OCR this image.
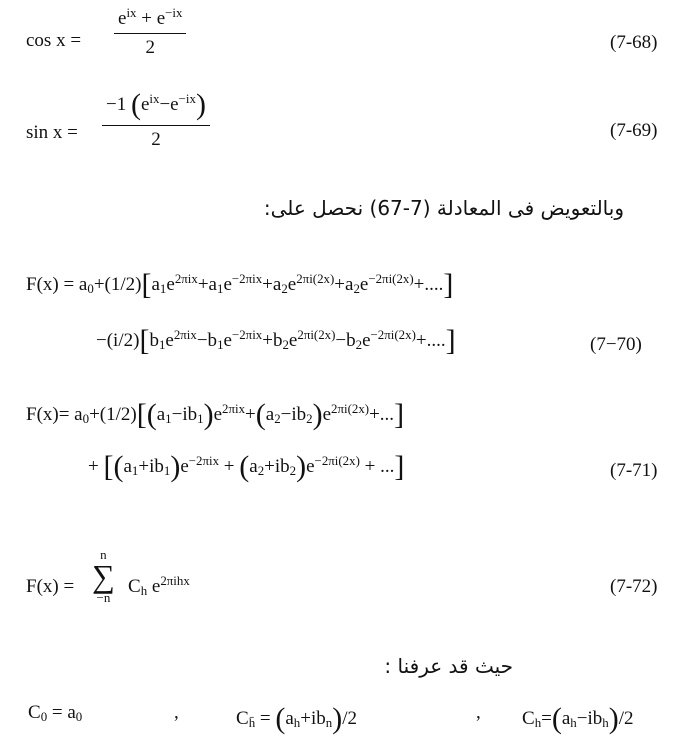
cos x =
$e^{ix} + e^{-ix}$
2	(7-68)
sin x =
−1 $(e^{ix}-e^{-ix})$
2	(7-69)
وبالتعويض فى المعادلة (7-67) نحصل على:
$F(x) = a_0+(1/2)[a_1e^{2\pi ix}+a_1e^{-2\pi ix}+a_2e^{2\pi i(2x)}+a_2e^{-2\pi i(2x)}+....]$
$-(i/2)[b_1e^{2\pi ix}-b_1e^{-2\pi ix}+b_2e^{2\pi i(2x)}-b_2e^{-2\pi i(2x)}+....]$	(7−70)
$F(x)= a_0+(1/2)[(a_1-ib_1)e^{2\pi ix}+(a_2-ib_2)e^{2\pi i(2x)}+...]$
+ [$(a_1+ib_1)e^{-2\pi ix} + (a_2+ib_2)e^{-2\pi i(2x)}$ + ...]	(7-71)
F(x) =
n
∑
−n
$C_h$ $e^{2\pi ihx}$	(7-72)
حيث قد عرفنا :
$C_0 = a_0$	,	$C_{h̄} = (a_h+ib_n)/2$	, $C_h=(a_h-ib_h)/2$
